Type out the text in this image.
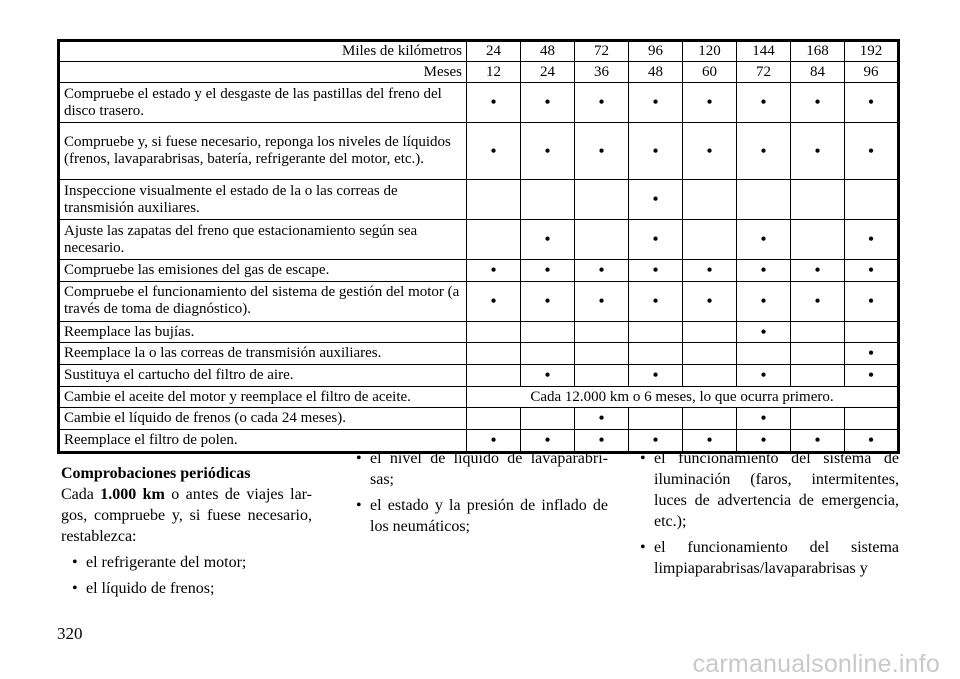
Miles de kilómetros	24	48	72	96	120	144	168	192
Meses	12	24	36	48	60	72	84	96
Compruebe el estado y el desgaste de las pastillas del freno del disco trasero.	•	•	•	•	•	•	•	•
Compruebe y, si fuese necesario, reponga los niveles de líquidos (frenos, lavaparabrisas, batería, refrigerante del motor, etc.).	•	•	•	•	•	•	•	•
Inspeccione visualmente el estado de la o las correas de transmisión auxiliares.				•				
Ajuste las zapatas del freno que estacionamiento según sea necesario.		•		•		•		•
Compruebe las emisiones del gas de escape.	•	•	•	•	•	•	•	•
Compruebe el funcionamiento del sistema de gestión del motor (a través de toma de diagnóstico).	•	•	•	•	•	•	•	•
Reemplace las bujías.						•		
Reemplace la o las correas de transmisión auxiliares.								•
Sustituya el cartucho del filtro de aire.		•		•		•		•
Cambie el aceite del motor y reemplace el filtro de aceite.	Cada 12.000 km o 6 meses, lo que ocurra primero.							
Cambie el líquido de frenos (o cada 24 meses).			•			•		
Reemplace el filtro de polen.	•	•	•	•	•	•	•	•

Comprobaciones periódicas

Cada 1.000 km o antes de viajes lar- gos, compruebe y, si fuese necesario, restablezca:

• el refrigerante del motor;
• el líquido de frenos;
• el nivel de líquido de lavaparabri- sas;
• el estado y la presión de inflado de los neumáticos;
• el funcionamiento del sistema de iluminación (faros, intermitentes, luces de advertencia de emergencia, etc.);
• el funcionamiento del sistema limpiaparabrisas/lavaparabrisas y
320
carmanualsonline.info
